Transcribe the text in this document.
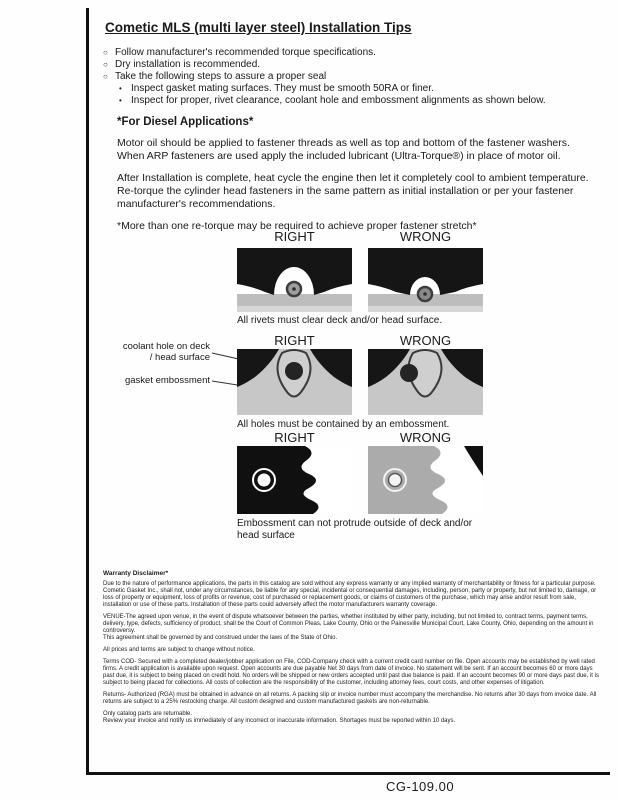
Cometic MLS (multi layer steel) Installation Tips
○ Follow manufacturer's recommended torque specifications.
○ Dry installation is recommended.
○ Take the following steps to assure a proper seal
• Inspect gasket mating surfaces. They must be smooth 50RA or finer.
• Inspect for proper, rivet clearance, coolant hole and embossment alignments as shown below.
*For Diesel Applications*

Motor oil should be applied to fastener threads as well as top and bottom of the fastener washers. When ARP fasteners are used apply the included lubricant (Ultra-Torque®) in place of motor oil.

After Installation is complete, heat cycle the engine then let it completely cool to ambient temperature. Re-torque the cylinder head fasteners in the same pattern as initial installation or per your fastener manufacturer's recommendations.

*More than one re-torque may be required to achieve proper fastener stretch*

RIGHT	WRONG
All rivets must clear deck and/or head surface.
RIGHT	WRONG
coolant hole on deck / head surface
gasket embossment
All holes must be contained by an embossment.
RIGHT	WRONG
Embossment can not protrude outside of deck and/or head surface
Warranty Disclaimer*

Due to the nature of performance applications, the parts in this catalog are sold without any express warranty or any implied warranty of merchantability or fitness for a particular purpose. Cometic Gasket Inc., shall not, under any circumstances, be liable for any special, incidental or consequential damages, including, person, party or property, but not limited to, damage, or loss of property or equipment, loss of profits or revenue, cost of purchased or replacement goods, or claims of customers of the purchase, which may arise and/or result from sale, installation or use of these parts. Installation of these parts could adversely affect the motor manufacturers warranty coverage.

VENUE-The agreed upon venue, in the event of dispute whatsoever between the parties, whether instituted by either party, including, but not limited to, contract terms, payment terms, delivery, type, defects, sufficiency of product, shall be the Court of Common Pleas, Lake County, Ohio or the Painesville Municipal Court, Lake County, Ohio, depending on the amount in controversy.

This agreement shall be governed by and construed under the laws of the State of Ohio.

All prices and terms are subject to change without notice.

Terms COD- Secured with a completed dealer/jobber application on File, COD-Company check with a current credit card number on file. Open accounts may be established by well rated firms. A credit application is available upon request. Open accounts are due payable Net 30 days from date of invoice. No statement will be sent. If an account becomes 60 or more days past due, it is subject to being placed on credit hold. No orders will be shipped or new orders accepted until past due balance is paid. If an account becomes 90 or more days past due, it is subject to being placed for collections. All costs of collection are the responsibility of the customer, including attorney fees, court costs, and other expenses of litigation.

Returns- Authorized (RGA) must be obtained in advance on all returns. A packing slip or invoice number must accompany the merchandise. No returns after 30 days from invoice date. All returns are subject to a 25% restocking charge. All custom designed and custom manufactured gaskets are non-returnable.

Only catalog parts are returnable.

Review your invoice and notify us immediately of any incorrect or inaccurate information. Shortages must be reported within 10 days.

CG-109.00
